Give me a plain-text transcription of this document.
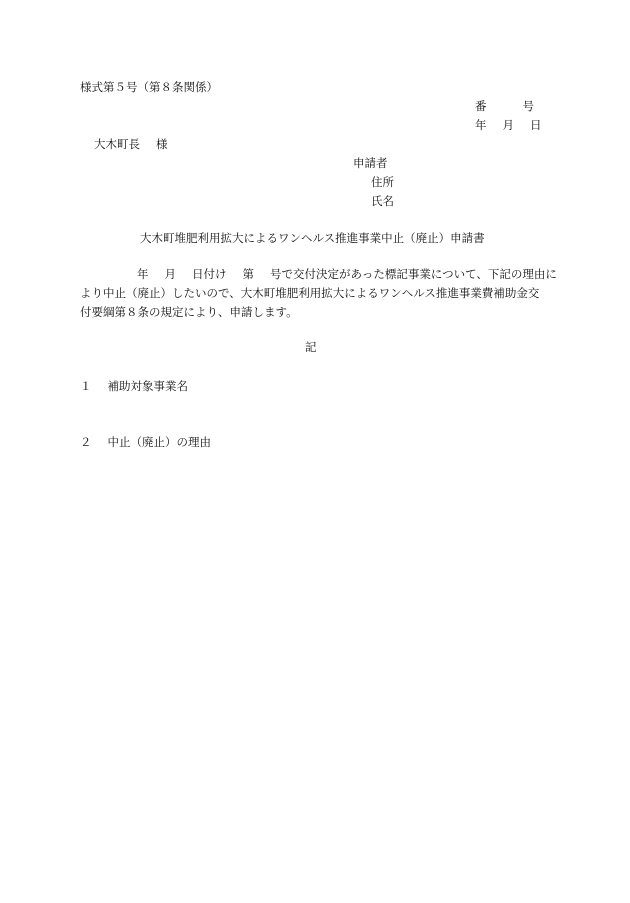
様式第５号（第８条関係）
番	号
年 月 日
大木町長 様
申請者
住所
氏名
大木町堆肥利用拡大によるワンヘルス推進事業中止（廃止）申請書
年 月 日付け 第 号で交付決定があった標記事業について、下記の理由に
より中止（廃止）したいので、大木町堆肥利用拡大によるワンヘルス推進事業費補助金交
付要綱第８条の規定により、申請します。
記
１ 補助対象事業名
２ 中止（廃止）の理由
